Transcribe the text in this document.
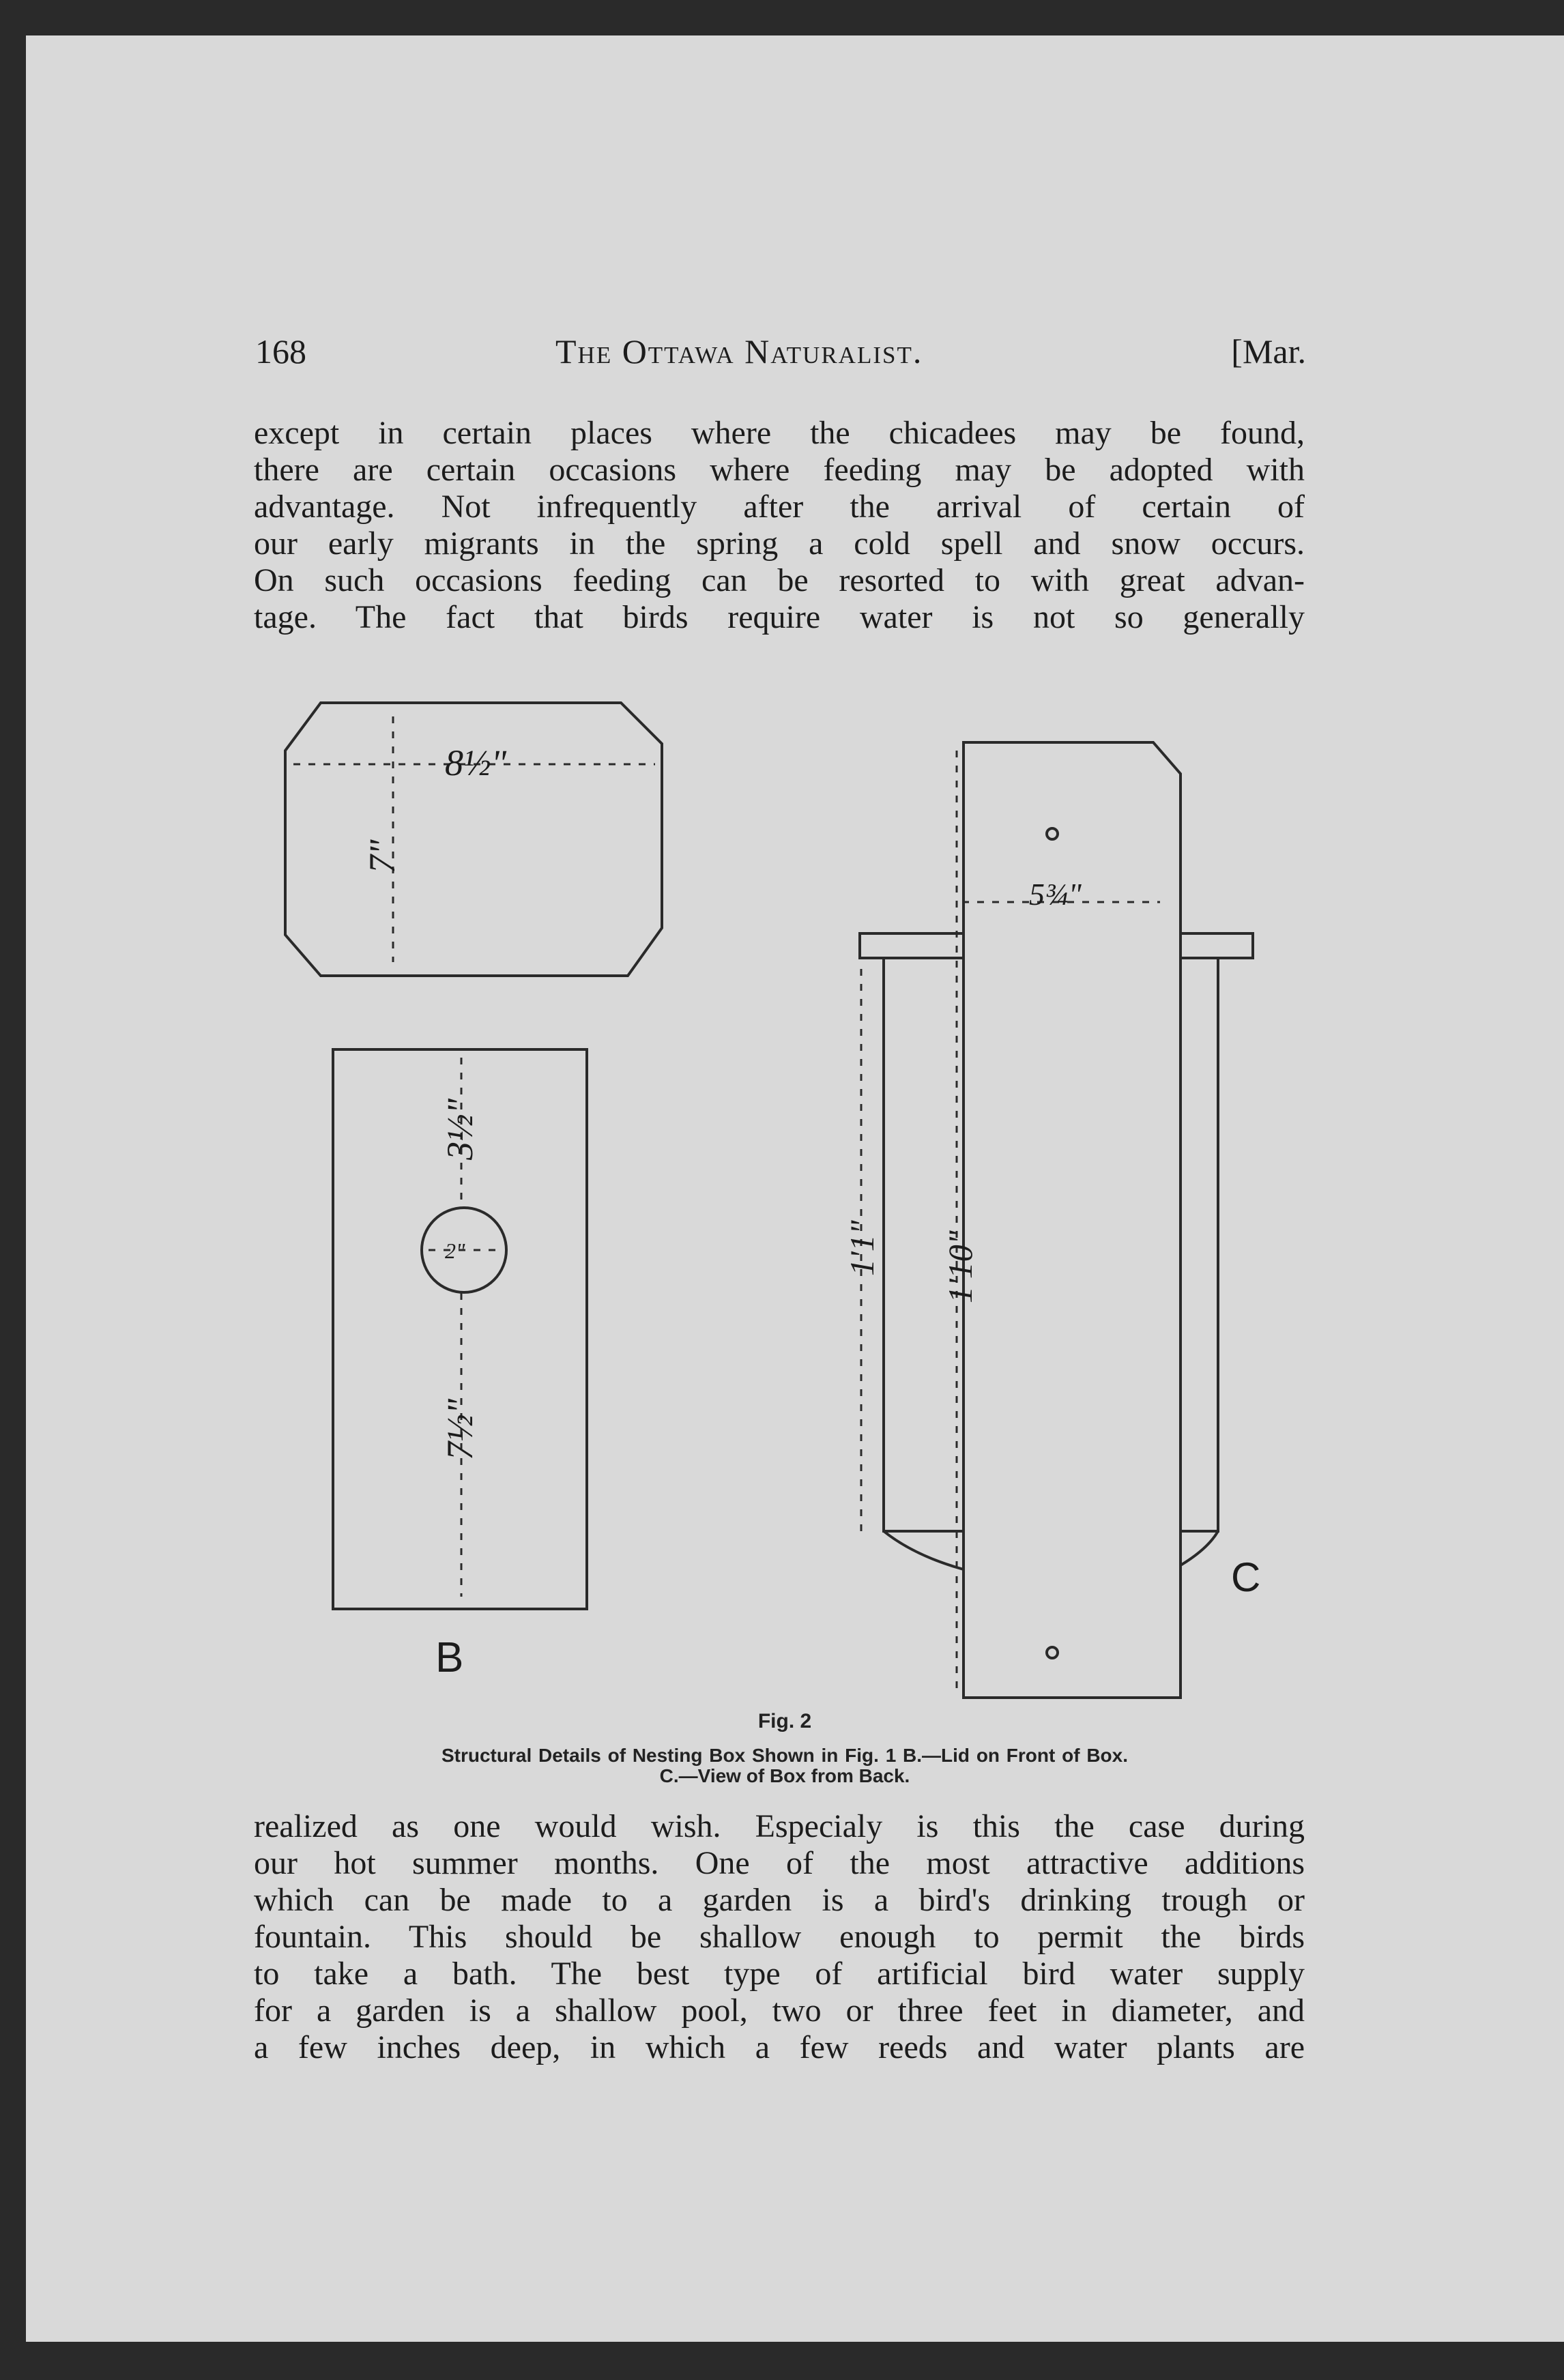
168	The Ottawa Naturalist.	[Mar.
except in certain places where the chicadees may be found,
there are certain occasions where feeding may be adopted with
advantage. Not infrequently after the arrival of certain of
our early migrants in the spring a cold spell and snow occurs.
On such occasions feeding can be resorted to with great advan-
tage. The fact that birds require water is not so generally
8½"
7"
3½"
2"
7½"
5¾"
1'1" 1'10"
B
C
Fig. 2
Structural Details of Nesting Box Shown in Fig. 1 B.—Lid on Front of Box.
C.—View of Box from Back.
realized as one would wish. Especialy is this the case during
our hot summer months. One of the most attractive additions
which can be made to a garden is a bird's drinking trough or
fountain. This should be shallow enough to permit the birds
to take a bath. The best type of artificial bird water supply
for a garden is a shallow pool, two or three feet in diameter, and
a few inches deep, in which a few reeds and water plants are
